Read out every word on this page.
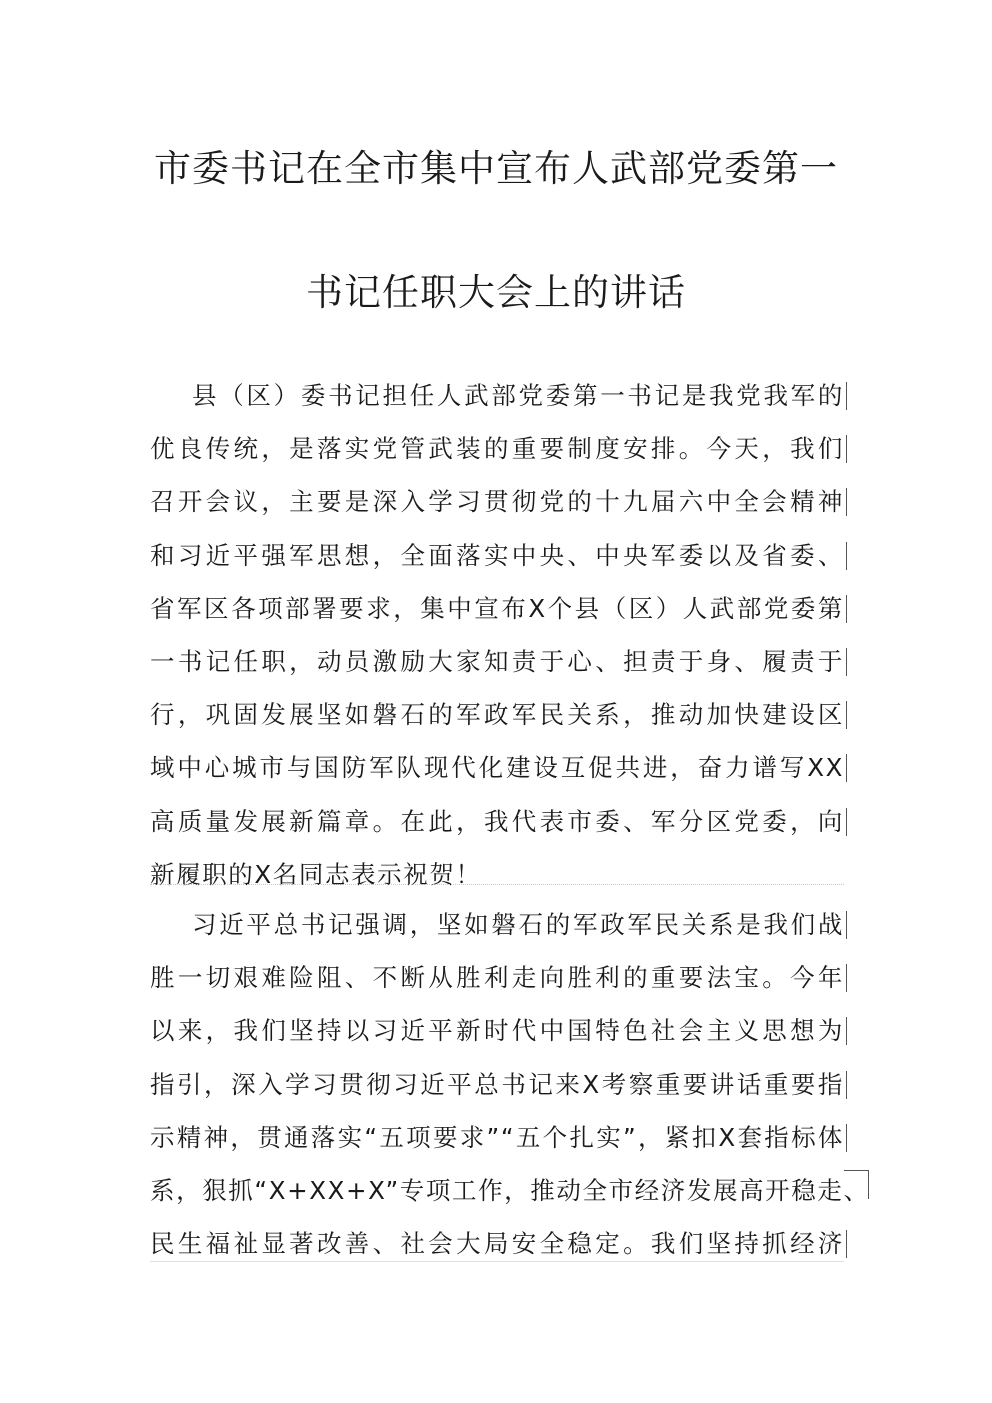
市委书记在全市集中宣布人武部党委第一
书记任职大会上的讲话
县（区）委书记担任人武部党委第一书记是我党我军的
优良传统，是落实党管武装的重要制度安排。今天，我们
召开会议，主要是深入学习贯彻党的十九届六中全会精神
和习近平强军思想，全面落实中央、中央军委以及省委、
省军区各项部署要求，集中宣布X个县（区）人武部党委第
一书记任职，动员激励大家知责于心、担责于身、履责于
行，巩固发展坚如磐石的军政军民关系，推动加快建设区
域中心城市与国防军队现代化建设互促共进，奋力谱写XX
高质量发展新篇章。在此，我代表市委、军分区党委，向
新履职的X名同志表示祝贺！
习近平总书记强调，坚如磐石的军政军民关系是我们战
胜一切艰难险阻、不断从胜利走向胜利的重要法宝。今年
以来，我们坚持以习近平新时代中国特色社会主义思想为
指引，深入学习贯彻习近平总书记来X考察重要讲话重要指
示精神，贯通落实“五项要求”“五个扎实”，紧扣X套指标体
系，狠抓“X+XX+X”专项工作，推动全市经济发展高开稳走、
民生福祉显著改善、社会大局安全稳定。我们坚持抓经济
